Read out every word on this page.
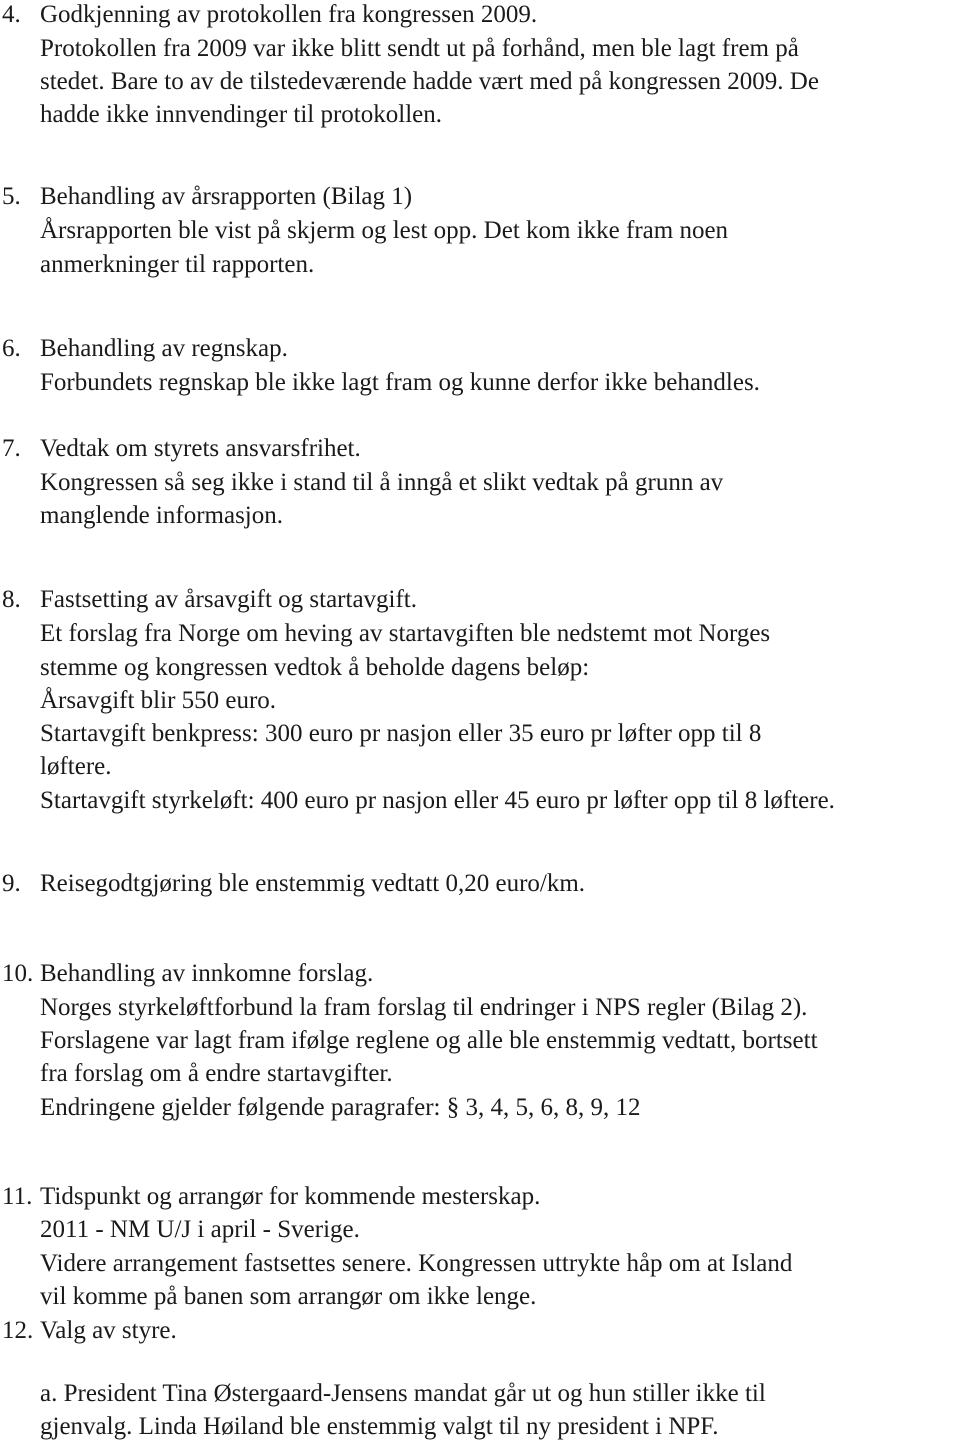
4. Godkjenning av protokollen fra kongressen 2009.
Protokollen fra 2009 var ikke blitt sendt ut på forhånd, men ble lagt frem på
stedet. Bare to av de tilstedeværende hadde vært med på kongressen 2009. De
hadde ikke innvendinger til protokollen.
5. Behandling av årsrapporten (Bilag 1)
Årsrapporten ble vist på skjerm og lest opp. Det kom ikke fram noen
anmerkninger til rapporten.
6. Behandling av regnskap.
Forbundets regnskap ble ikke lagt fram og kunne derfor ikke behandles.
7. Vedtak om styrets ansvarsfrihet.
Kongressen så seg ikke i stand til å inngå et slikt vedtak på grunn av
manglende informasjon.
8. Fastsetting av årsavgift og startavgift.
Et forslag fra Norge om heving av startavgiften ble nedstemt mot Norges
stemme og kongressen vedtok å beholde dagens beløp:
Årsavgift blir 550 euro.
Startavgift benkpress: 300 euro pr nasjon eller 35 euro pr løfter opp til 8
løftere.
Startavgift styrkeløft: 400 euro pr nasjon eller 45 euro pr løfter opp til 8 løftere.
9. Reisegodtgjøring ble enstemmig vedtatt 0,20 euro/km.
10. Behandling av innkomne forslag.
Norges styrkeløftforbund la fram forslag til endringer i NPS regler (Bilag 2).
Forslagene var lagt fram ifølge reglene og alle ble enstemmig vedtatt, bortsett
fra forslag om å endre startavgifter.
Endringene gjelder følgende paragrafer: § 3, 4, 5, 6, 8, 9, 12
11. Tidspunkt og arrangør for kommende mesterskap.
2011 - NM U/J i april - Sverige.
Videre arrangement fastsettes senere. Kongressen uttrykte håp om at Island
vil komme på banen som arrangør om ikke lenge.
12. Valg av styre.
a. President Tina Østergaard-Jensens mandat går ut og hun stiller ikke til
gjenvalg. Linda Høiland ble enstemmig valgt til ny president i NPF.
